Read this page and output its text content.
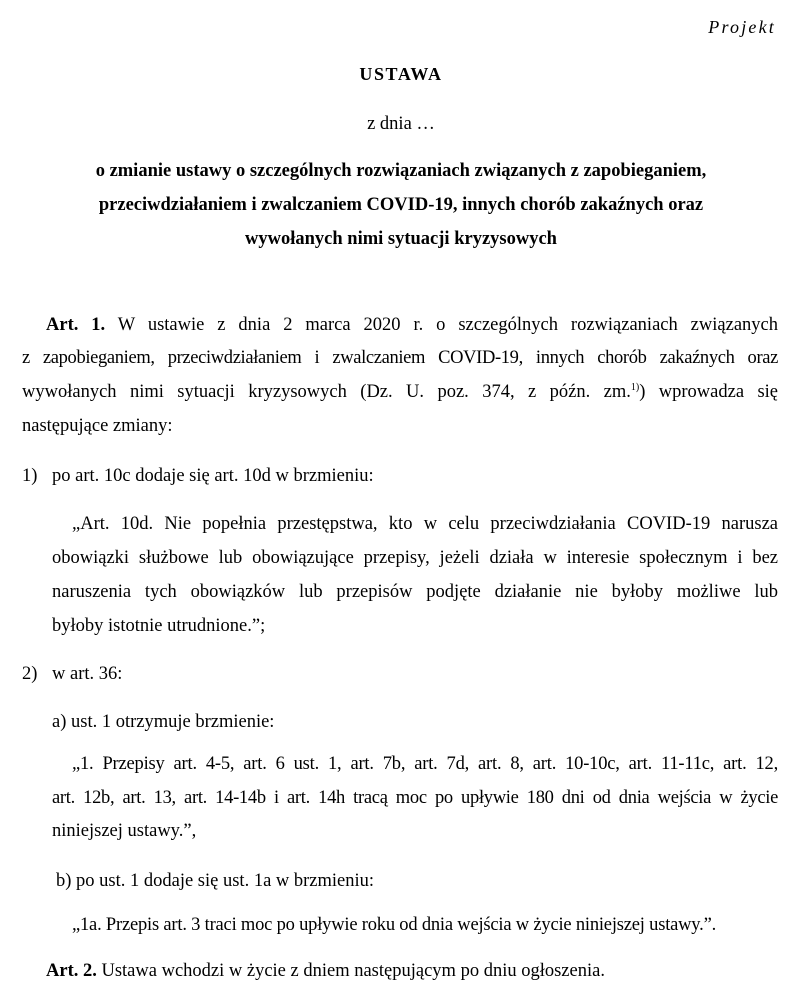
Projekt
USTAWA
z dnia …
o zmianie ustawy o szczególnych rozwiązaniach związanych z zapobieganiem,
przeciwdziałaniem i zwalczaniem COVID-19, innych chorób zakaźnych oraz
wywołanych nimi sytuacji kryzysowych
Art. 1. W ustawie z dnia 2 marca 2020 r. o szczególnych rozwiązaniach związanych
z zapobieganiem, przeciwdziałaniem i zwalczaniem COVID-19, innych chorób zakaźnych oraz
wywołanych nimi sytuacji kryzysowych (Dz. U. poz. 374, z późn. zm.$^{1)}$) wprowadza się
następujące zmiany:
1) po art. 10c dodaje się art. 10d w brzmieniu:
„Art. 10d. Nie popełnia przestępstwa, kto w celu przeciwdziałania COVID-19 narusza
obowiązki służbowe lub obowiązujące przepisy, jeżeli działa w interesie społecznym i bez
naruszenia tych obowiązków lub przepisów podjęte działanie nie byłoby możliwe lub
byłoby istotnie utrudnione.”;
2) w art. 36:
a) ust. 1 otrzymuje brzmienie:
„1. Przepisy art. 4-5, art. 6 ust. 1, art. 7b, art. 7d, art. 8, art. 10-10c, art. 11-11c, art. 12,
art. 12b, art. 13, art. 14-14b i art. 14h tracą moc po upływie 180 dni od dnia wejścia w życie
niniejszej ustawy.”,
b) po ust. 1 dodaje się ust. 1a w brzmieniu:
„1a. Przepis art. 3 traci moc po upływie roku od dnia wejścia w życie niniejszej ustawy.”.
Art. 2. Ustawa wchodzi w życie z dniem następującym po dniu ogłoszenia.
